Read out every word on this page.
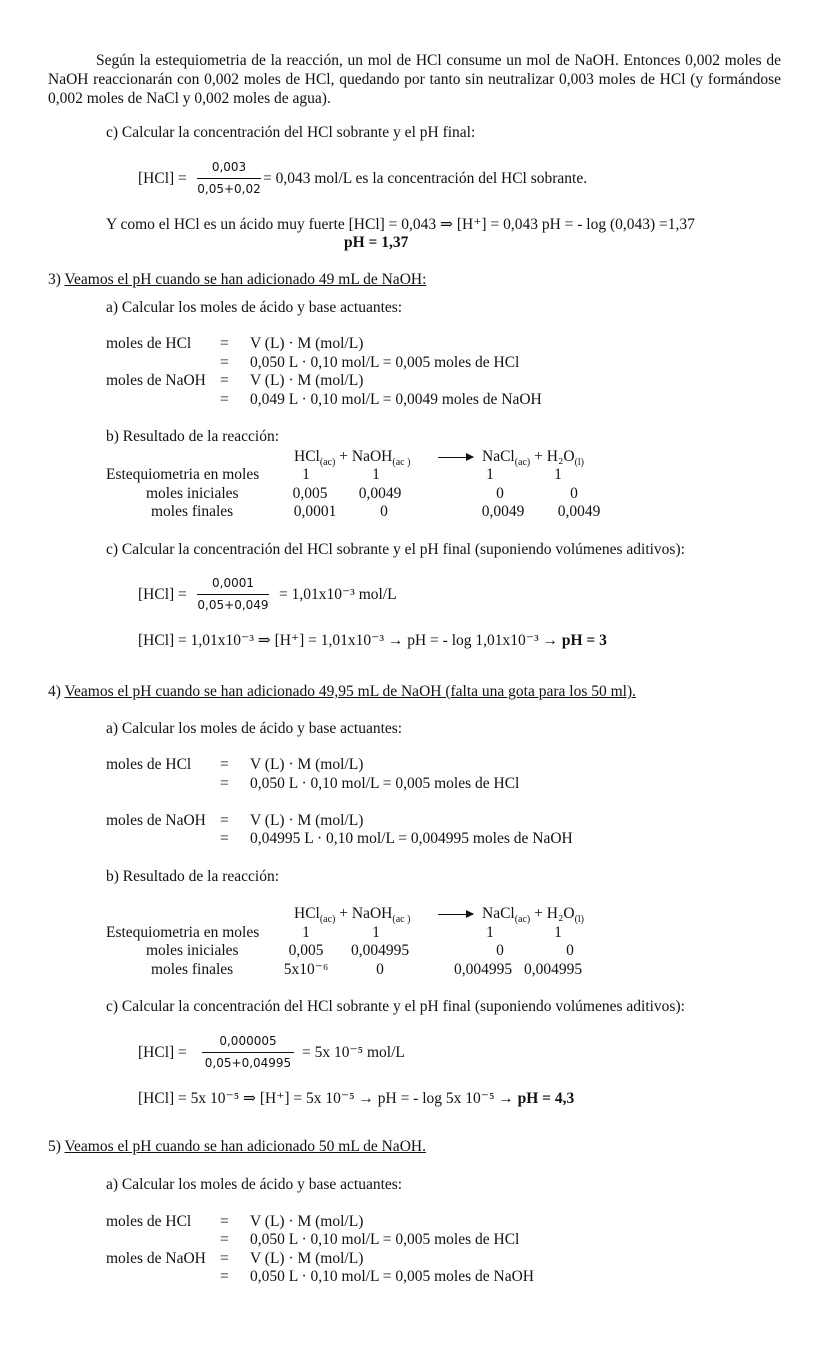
Según la estequiometria de la reacción, un mol de HCl consume un mol de NaOH. Entonces 0,002 moles de NaOH reaccionarán con 0,002 moles de HCl, quedando por tanto sin neutralizar 0,003 moles de HCl (y formándose 0,002 moles de NaCl y 0,002 moles de agua).
c) Calcular la concentración del HCl sobrante y el pH final:
$[HCl] = \frac{0,003}{0,05+0,02} = 0,043$ mol/L es la concentración del HCl sobrante.
Y como el HCl es un ácido muy fuerte [HCl] = 0,043 ⇒ [H⁺] = 0,043 pH = - log (0,043) =1,37
pH = 1,37
3) Veamos el pH cuando se han adicionado 49 mL de NaOH:
a) Calcular los moles de ácido y base actuantes:
moles de HCl = V (L) · M (mol/L)
= 0,050 L · 0,10 mol/L = 0,005 moles de HCl
moles de NaOH = V (L) · M (mol/L)
= 0,049 L · 0,10 mol/L = 0,0049 moles de NaOH
b) Resultado de la reacción:
HCl$_{(ac)}$ + NaOH$_{(ac )}$ → NaCl$_{(ac)}$ + $H_2O_{(l)}$
Estequiometria en moles
moles iniciales
moles finales
1
0,005
0,0001
1
0,0049
0
1
0
0,0049
1
0
0,0049
c) Calcular la concentración del HCl sobrante y el pH final (suponiendo volúmenes aditivos):
$[HCl] = \frac{0,0001}{0,05+0,049} = 1,01x10^{-3}$ mol/L
[HCl] = 1,01x10⁻³ ⇒ [H⁺] = 1,01x10⁻³ → pH = - log 1,01x10⁻³ → pH = 3
4) Veamos el pH cuando se han adicionado 49,95 mL de NaOH (falta una gota para los 50 ml).
a) Calcular los moles de ácido y base actuantes:
moles de HCl = V (L) · M (mol/L)
= 0,050 L · 0,10 mol/L = 0,005 moles de HCl
moles de NaOH = V (L) · M (mol/L)
= 0,04995 L · 0,10 mol/L = 0,004995 moles de NaOH
b) Resultado de la reacción:
HCl$_{(ac)}$ + NaOH$_{(ac )}$ → NaCl$_{(ac)}$ + $H_2O_{(l)}$
Estequiometria en moles
moles iniciales
moles finales
1
0,005
5x10⁻⁶
1
0,004995
0
1
0
0,004995
1
0
0,004995
c) Calcular la concentración del HCl sobrante y el pH final (suponiendo volúmenes aditivos):
$[HCl] = \frac{0,000005}{0,05+0,04995} = 5x$ 10⁻⁵ mol/L
[HCl] = 5x 10⁻⁵ ⇒ [H⁺] = 5x 10⁻⁵ → pH = - log 5x 10⁻⁵ → pH = 4,3
5) Veamos el pH cuando se han adicionado 50 mL de NaOH.
a) Calcular los moles de ácido y base actuantes:
moles de HCl = V (L) · M (mol/L)
= 0,050 L · 0,10 mol/L = 0,005 moles de HCl
moles de NaOH = V (L) · M (mol/L)
= 0,050 L · 0,10 mol/L = 0,005 moles de NaOH
